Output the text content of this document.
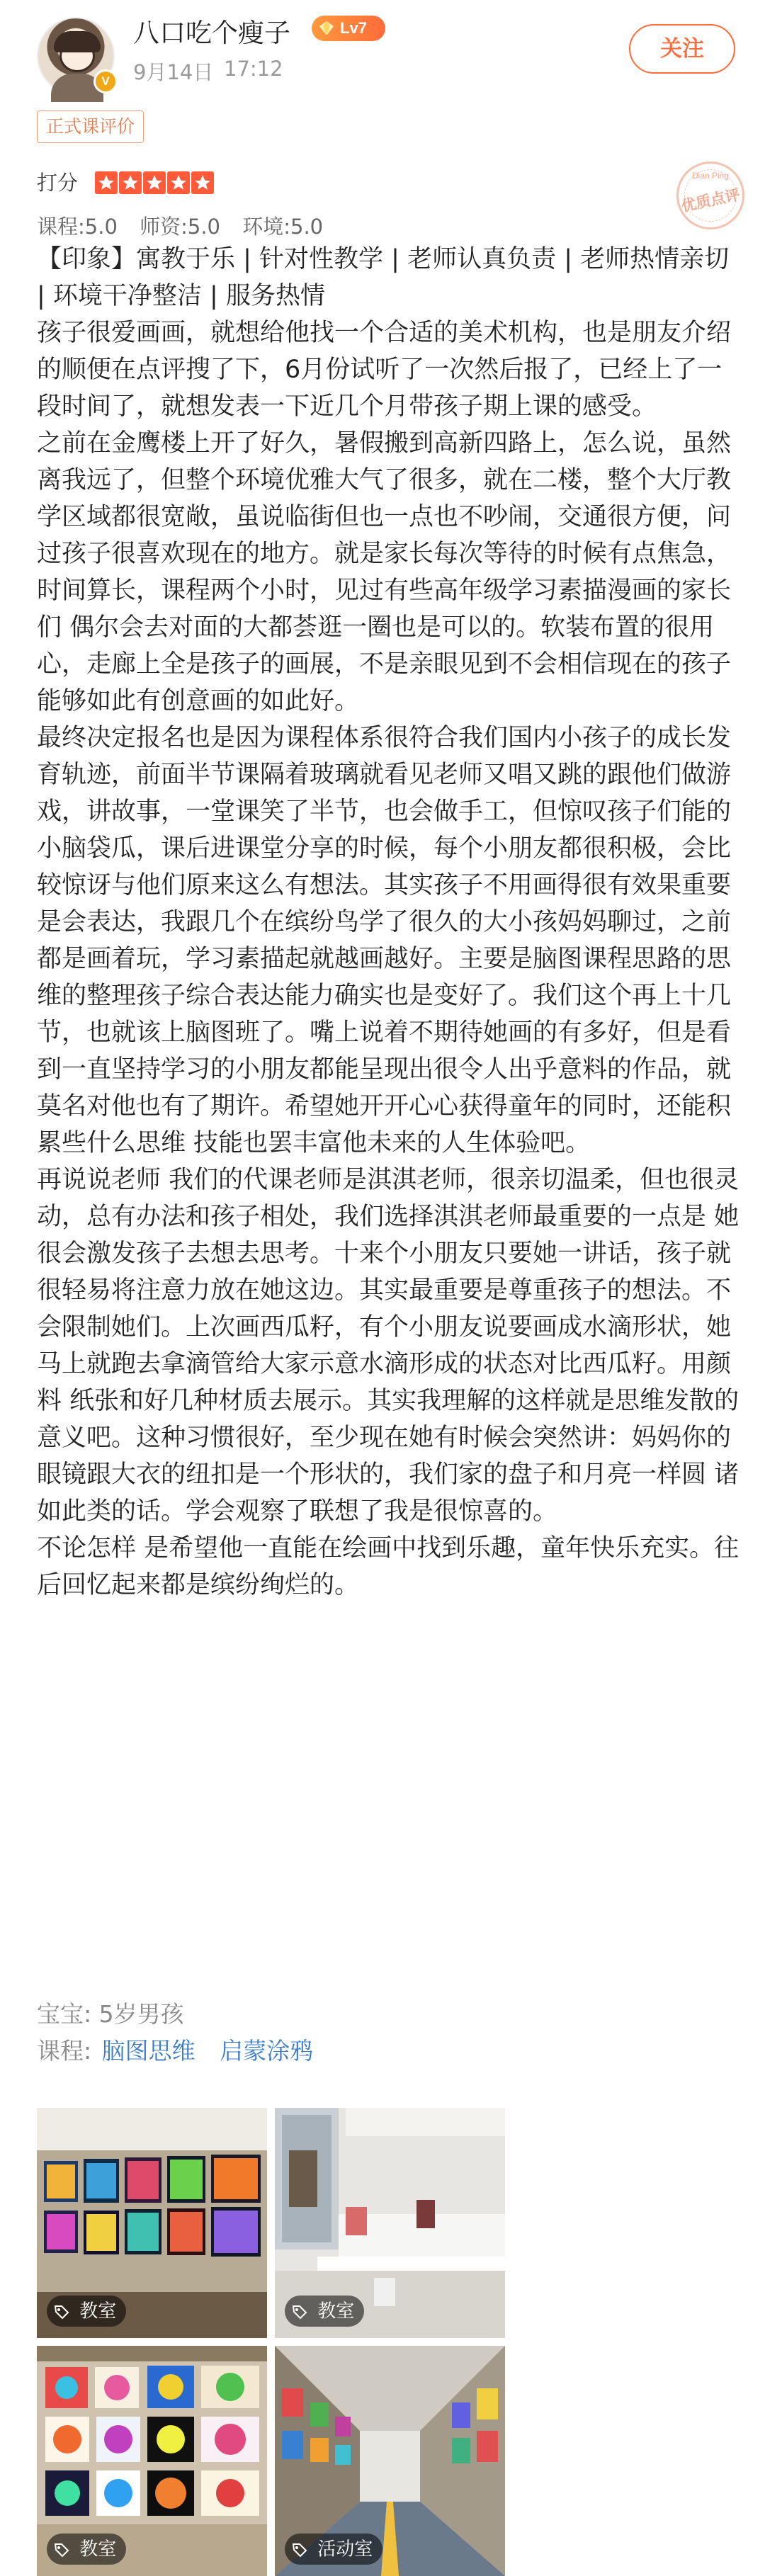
V
八口吃个瘦子	Lv7
9月14日 17:12
关注
正式课评价
打分
课程:5.0 师资:5.0 环境:5.0
Dian Ping
优质点评

【印象】寓教于乐 | 针对性教学 | 老师认真负责 | 老师热情亲切 | 环境干净整洁 | 服务热情

孩子很爱画画，就想给他找一个合适的美术机构，也是朋友介绍的顺便在点评搜了下，6月份试听了一次然后报了，已经上了一段时间了，就想发表一下近几个月带孩子期上课的感受。

之前在金鹰楼上开了好久，暑假搬到高新四路上，怎么说，虽然离我远了，但整个环境优雅大气了很多，就在二楼，整个大厅教学区域都很宽敞，虽说临街但也一点也不吵闹，交通很方便，问过孩子很喜欢现在的地方。就是家长每次等待的时候有点焦急，时间算长，课程两个小时，见过有些高年级学习素描漫画的家长们 偶尔会去对面的大都荟逛一圈也是可以的。软装布置的很用心，走廊上全是孩子的画展，不是亲眼见到不会相信现在的孩子能够如此有创意画的如此好。

最终决定报名也是因为课程体系很符合我们国内小孩子的成长发育轨迹，前面半节课隔着玻璃就看见老师又唱又跳的跟他们做游戏，讲故事，一堂课笑了半节，也会做手工，但惊叹孩子们能的小脑袋瓜，课后进课堂分享的时候，每个小朋友都很积极，会比较惊讶与他们原来这么有想法。其实孩子不用画得很有效果重要是会表达，我跟几个在缤纷鸟学了很久的大小孩妈妈聊过，之前都是画着玩，学习素描起就越画越好。主要是脑图课程思路的思维的整理孩子综合表达能力确实也是变好了。我们这个再上十几节，也就该上脑图班了。嘴上说着不期待她画的有多好，但是看到一直坚持学习的小朋友都能呈现出很令人出乎意料的作品，就莫名对他也有了期许。希望她开开心心获得童年的同时，还能积累些什么思维 技能也罢丰富他未来的人生体验吧。

再说说老师 我们的代课老师是淇淇老师，很亲切温柔，但也很灵动，总有办法和孩子相处，我们选择淇淇老师最重要的一点是 她很会激发孩子去想去思考。十来个小朋友只要她一讲话，孩子就很轻易将注意力放在她这边。其实最重要是尊重孩子的想法。不会限制她们。上次画西瓜籽，有个小朋友说要画成水滴形状，她马上就跑去拿滴管给大家示意水滴形成的状态对比西瓜籽。用颜料 纸张和好几种材质去展示。其实我理解的这样就是思维发散的意义吧。这种习惯很好，至少现在她有时候会突然讲：妈妈你的眼镜跟大衣的纽扣是一个形状的，我们家的盘子和月亮一样圆 诸如此类的话。学会观察了联想了我是很惊喜的。

不论怎样 是希望他一直能在绘画中找到乐趣，童年快乐充实。往后回忆起来都是缤纷绚烂的。

宝宝: 5岁男孩
课程: 脑图思维 启蒙涂鸦
教室	教室
教室	活动室
